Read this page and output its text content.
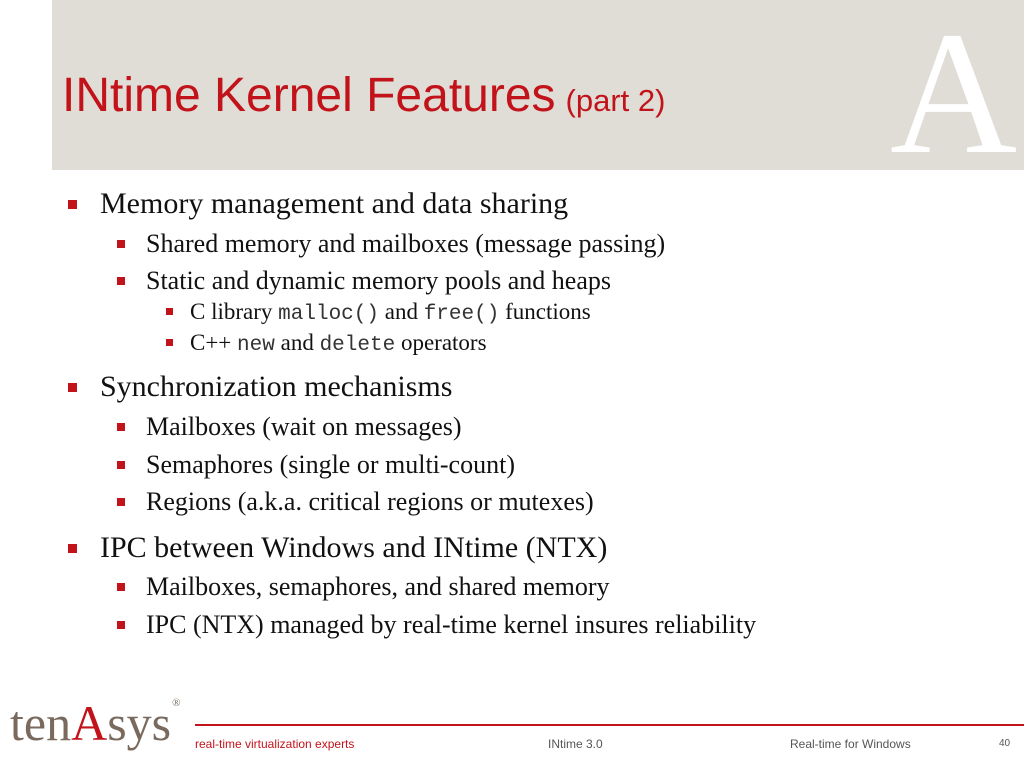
A
INtime Kernel Features (part 2)
Memory management and data sharing
Shared memory and mailboxes (message passing)
Static and dynamic memory pools and heaps
C library malloc() and free() functions
C++ new and delete operators
Synchronization mechanisms
Mailboxes (wait on messages)
Semaphores (single or multi-count)
Regions (a.k.a. critical regions or mutexes)
IPC between Windows and INtime (NTX)
Mailboxes, semaphores, and shared memory
IPC (NTX) managed by real-time kernel insures reliability
tenAsys®
real-time virtualization experts	INtime 3.0	Real-time for Windows	40
